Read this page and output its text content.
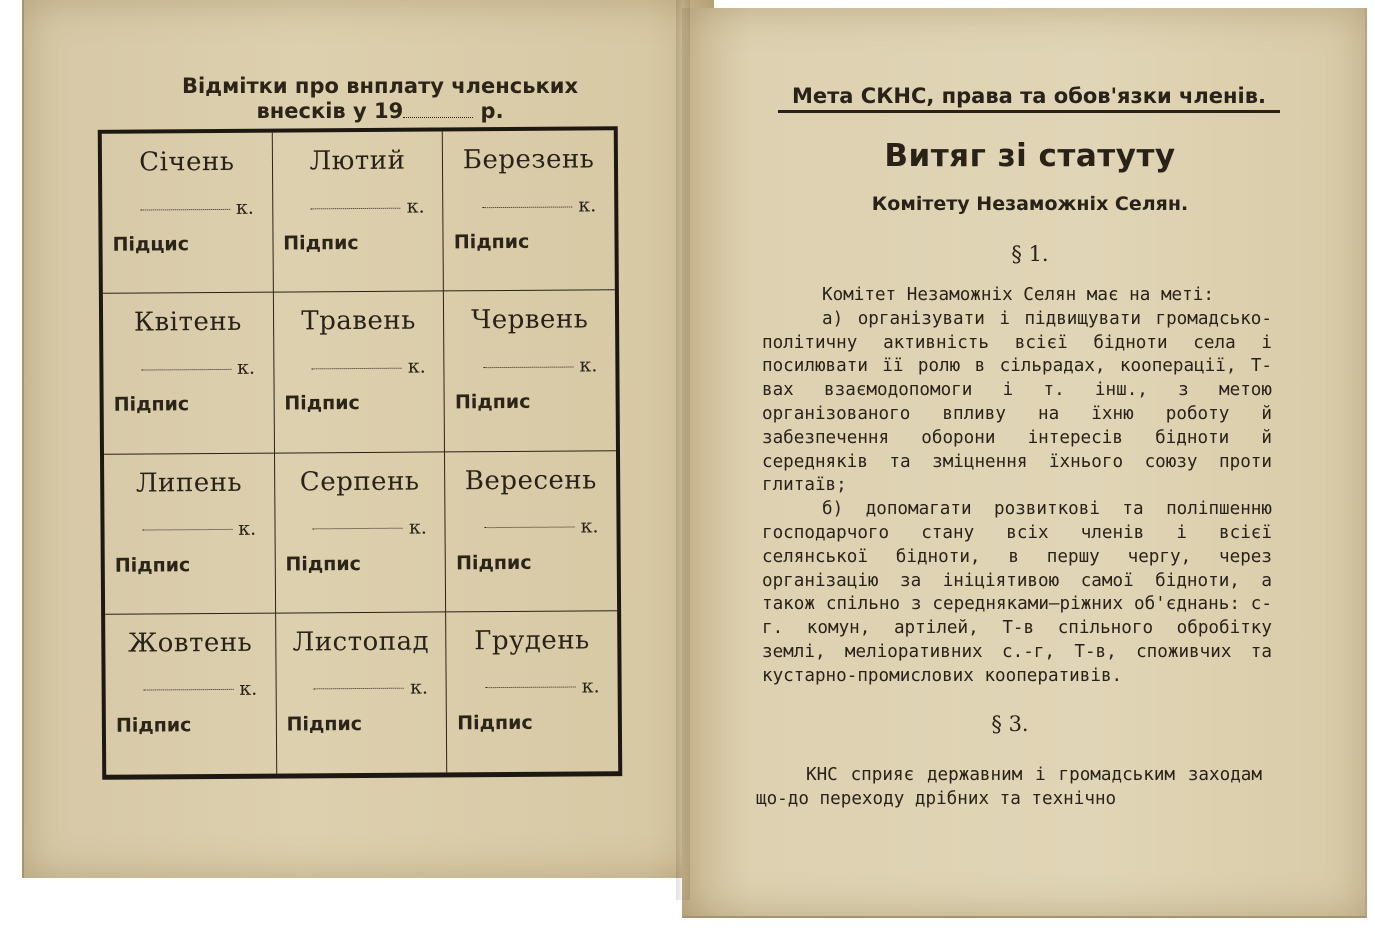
Відмітки про внплату членських
внесків у 19	р.
Січень
к.
Підцис
Лютий
к.
Підпис
Березень
к.
Підпис
Квітень
к.
Підпис
Травень
к.
Підпис
Червень
к.
Підпис
Липень
к.
Підпис
Серпень
к.
Підпис
Вересень
к.
Підпис
Жовтень
к.
Підпис
Листопад
к.
Підпис
Грудень
к.
Підпис
Мета СКНС, права та обов'язки членів.
Витяг зі статуту
Комітету Незаможніх Селян.
§ 1.

Комітет Незаможніх Селян має на меті:

а) організувати і підвищувати громадсько-політичну активність всієї бідноти села і посилювати її ролю в сільрадах, кооперації, Т-вах взаємодопомоги і т. інш., з метою організованого впливу на їхню роботу й забезпечення оборони інтересів бідноти й середняків та зміцнення їхнього союзу проти глитаїв;

б) допомагати розвиткові та поліпшенню господарчого стану всіх членів і всієї селянської бідноти, в першу чергу, через організацію за ініціятивою самої бідноти, а також спільно з середняками—ріжних об'єднань: с-г. комун, артілей, Т-в спільного обробітку землі, меліоративних с.-г, Т-в, споживчих та кустарно-промислових кооперативів.

§ 3.

КНС сприяє державним і громадським заходам що-до переходу дрібних та технічно
